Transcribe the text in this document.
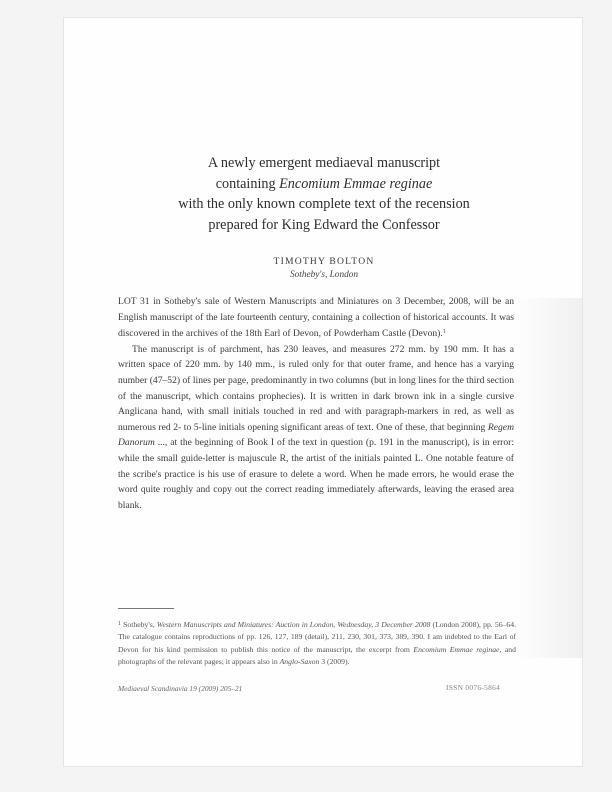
A newly emergent mediaeval manuscript
containing Encomium Emmae reginae
with the only known complete text of the recension
prepared for King Edward the Confessor
TIMOTHY BOLTON
Sotheby's, London

LOT 31 in Sotheby's sale of Western Manuscripts and Miniatures on 3 December, 2008, will be an English manuscript of the late fourteenth century, containing a collection of historical accounts. It was discovered in the archives of the 18th Earl of Devon, of Powderham Castle (Devon).$^1$

The manuscript is of parchment, has 230 leaves, and measures 272 mm. by 190 mm. It has a written space of 220 mm. by 140 mm., is ruled only for that outer frame, and hence has a varying number (47–52) of lines per page, predominantly in two columns (but in long lines for the third section of the manuscript, which contains prophecies). It is written in dark brown ink in a single cursive Anglicana hand, with small initials touched in red and with paragraph-markers in red, as well as numerous red 2- to 5-line initials opening significant areas of text. One of these, that beginning Regem Danorum ..., at the beginning of Book I of the text in question (p. 191 in the manuscript), is in error: while the small guide-letter is majuscule R, the artist of the initials painted L. One notable feature of the scribe's practice is his use of erasure to delete a word. When he made errors, he would erase the word quite roughly and copy out the correct reading immediately afterwards, leaving the erased area blank.

$^1$ Sotheby's, Western Manuscripts and Miniatures: Auction in London, Wednesday, 3 December 2008 (London 2008), pp. 56–64. The catalogue contains reproductions of pp. 126, 127, 189 (detail), 211, 230, 301, 373, 389, 390. I am indebted to the Earl of Devon for his kind permission to publish this notice of the manuscript, the excerpt from Encomium Emmae reginae, and photographs of the relevant pages; it appears also in Anglo-Saxon 3 (2009).

Mediaeval Scandinavia 19 (2009) 205–21	ISSN 0076-5864
